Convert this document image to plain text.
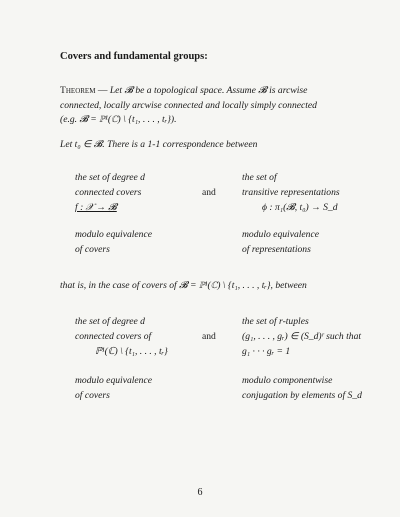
Covers and fundamental groups:
Theorem — Let 𝓑 be a topological space. Assume 𝓑 is arcwise
connected, locally arcwise connected and locally simply connected
(e.g. 𝓑 = ℙ¹(ℂ) \ {t₁, . . . , tᵣ}).
Let t₀ ∈ 𝓑. There is a 1-1 correspondence between
the set of degree d
connected covers
f : 𝒳 → 𝓑
and
the set of
transitive representations
ϕ : π₁(𝓑, t₀) → S_d
modulo equivalence
of covers
modulo equivalence
of representations
that is, in the case of covers of 𝓑 = ℙ¹(ℂ) \ {t₁, . . . , tᵣ}, between
the set of degree d
connected covers of
ℙ¹(ℂ) \ {t₁, . . . , tᵣ}
and
the set of r-tuples
(g₁, . . . , gᵣ) ∈ (S_d)ʳ such that
g₁ · · · gᵣ = 1
modulo equivalence
of covers
modulo componentwise
conjugation by elements of S_d
6
